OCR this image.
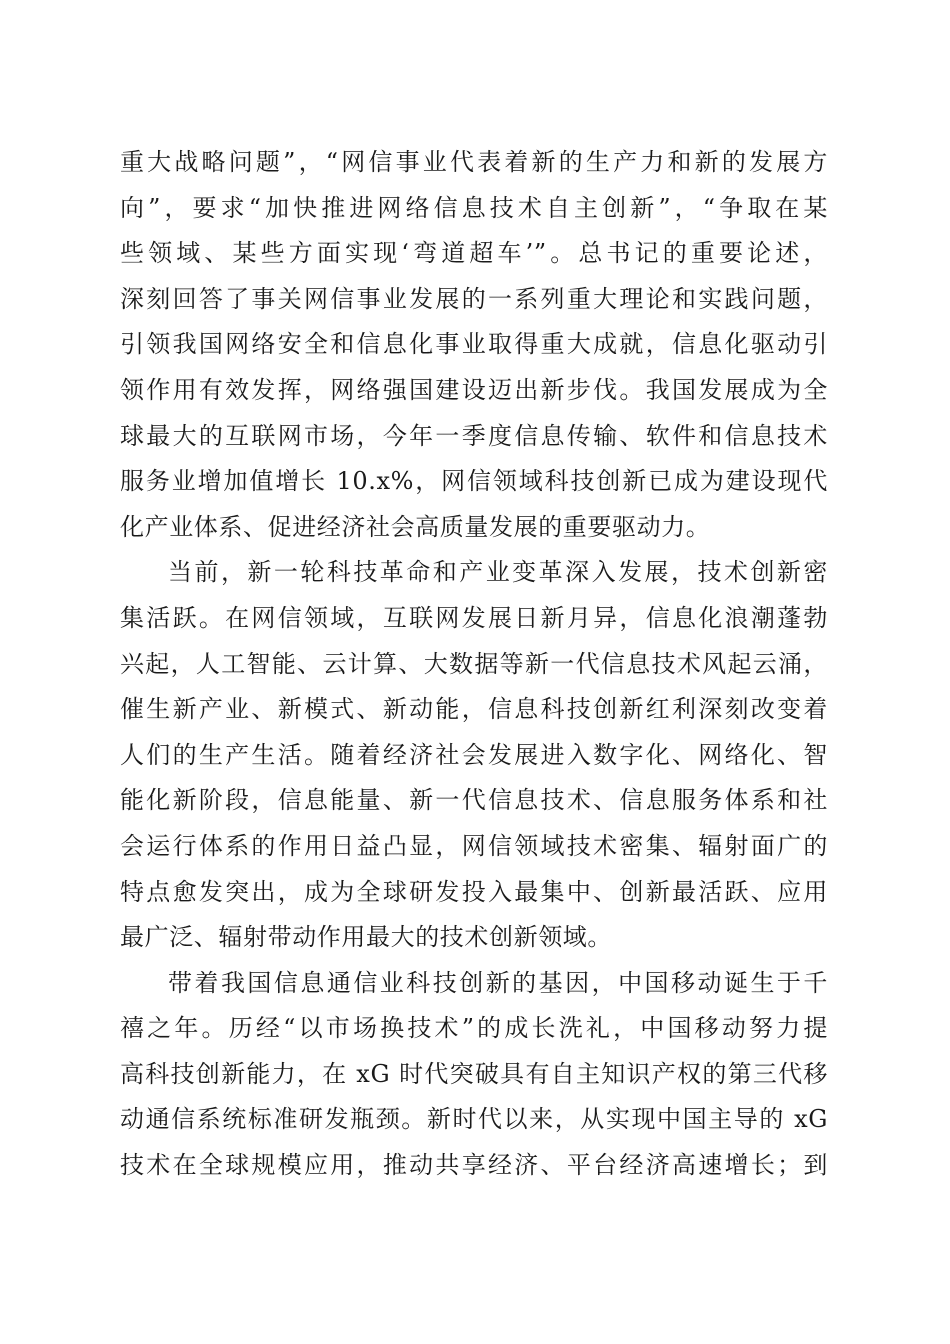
重大战略问题”，“网信事业代表着新的生产力和新的发展方
向”，要求“加快推进网络信息技术自主创新”，“争取在某
些领域、某些方面实现‘弯道超车’”。总书记的重要论述，
深刻回答了事关网信事业发展的一系列重大理论和实践问题，
引领我国网络安全和信息化事业取得重大成就，信息化驱动引
领作用有效发挥，网络强国建设迈出新步伐。我国发展成为全
球最大的互联网市场，今年一季度信息传输、软件和信息技术
服务业增加值增长 10.x%，网信领域科技创新已成为建设现代
化产业体系、促进经济社会高质量发展的重要驱动力。
当前，新一轮科技革命和产业变革深入发展，技术创新密
集活跃。在网信领域，互联网发展日新月异，信息化浪潮蓬勃
兴起，人工智能、云计算、大数据等新一代信息技术风起云涌，
催生新产业、新模式、新动能，信息科技创新红利深刻改变着
人们的生产生活。随着经济社会发展进入数字化、网络化、智
能化新阶段，信息能量、新一代信息技术、信息服务体系和社
会运行体系的作用日益凸显，网信领域技术密集、辐射面广的
特点愈发突出，成为全球研发投入最集中、创新最活跃、应用
最广泛、辐射带动作用最大的技术创新领域。
带着我国信息通信业科技创新的基因，中国移动诞生于千
禧之年。历经“以市场换技术”的成长洗礼，中国移动努力提
高科技创新能力，在 xG 时代突破具有自主知识产权的第三代移
动通信系统标准研发瓶颈。新时代以来，从实现中国主导的 xG
技术在全球规模应用，推动共享经济、平台经济高速增长；到
